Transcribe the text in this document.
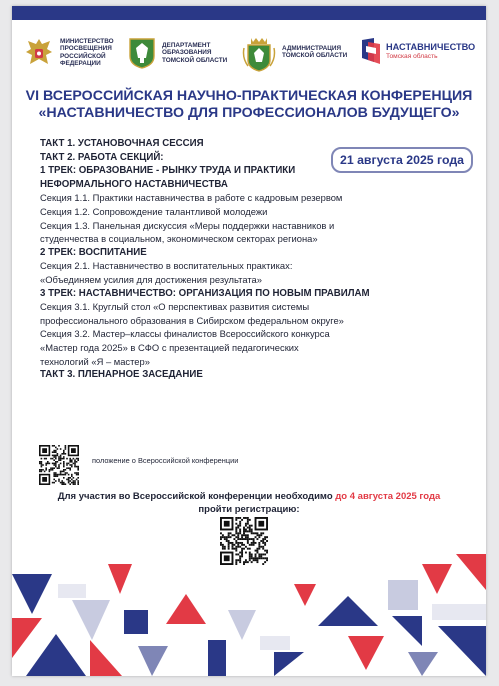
МИНИСТЕРСТВО
ПРОСВЕЩЕНИЯ
РОССИЙСКОЙ
ФЕДЕРАЦИИ
ДЕПАРТАМЕНТ
ОБРАЗОВАНИЯ
ТОМСКОЙ ОБЛАСТИ
АДМИНИСТРАЦИЯ
ТОМСКОЙ ОБЛАСТИ
НАСТАВНИЧЕСТВО
Томская область
VI ВСЕРОССИЙСКАЯ НАУЧНО-ПРАКТИЧЕСКАЯ КОНФЕРЕНЦИЯ
«НАСТАВНИЧЕСТВО ДЛЯ ПРОФЕССИОНАЛОВ БУДУЩЕГО»
ТАКТ 1. УСТАНОВОЧНАЯ СЕССИЯ
ТАКТ 2. РАБОТА СЕКЦИЙ:
1 ТРЕК: ОБРАЗОВАНИЕ - РЫНКУ ТРУДА И ПРАКТИКИ
НЕФОРМАЛЬНОГО НАСТАВНИЧЕСТВА
Секция 1.1. Практики наставничества в работе с кадровым резервом
Секция 1.2. Сопровождение талантливой молодежи
Секция 1.3. Панельная дискуссия «Меры поддержки наставников и
студенчества в социальном, экономическом секторах региона»
2 ТРЕК: ВОСПИТАНИЕ
Секция 2.1. Наставничество в воспитательных практиках:
«Объединяем усилия для достижения результата»
3 ТРЕК: НАСТАВНИЧЕСТВО: ОРГАНИЗАЦИЯ ПО НОВЫМ ПРАВИЛАМ
Секция 3.1. Круглый стол «О перспективах развития системы
профессионального образования в Сибирском федеральном округе»
Секция 3.2. Мастер–классы финалистов Всероссийского конкурса
«Мастер года 2025» в СФО с презентацией педагогических
технологий «Я – мастер»
ТАКТ 3. ПЛЕНАРНОЕ ЗАСЕДАНИЕ
21 августа 2025 года
положение о Всероссийской конференции
Для участия во Всероссийской конференции необходимо до 4 августа 2025 года
пройти регистрацию:
